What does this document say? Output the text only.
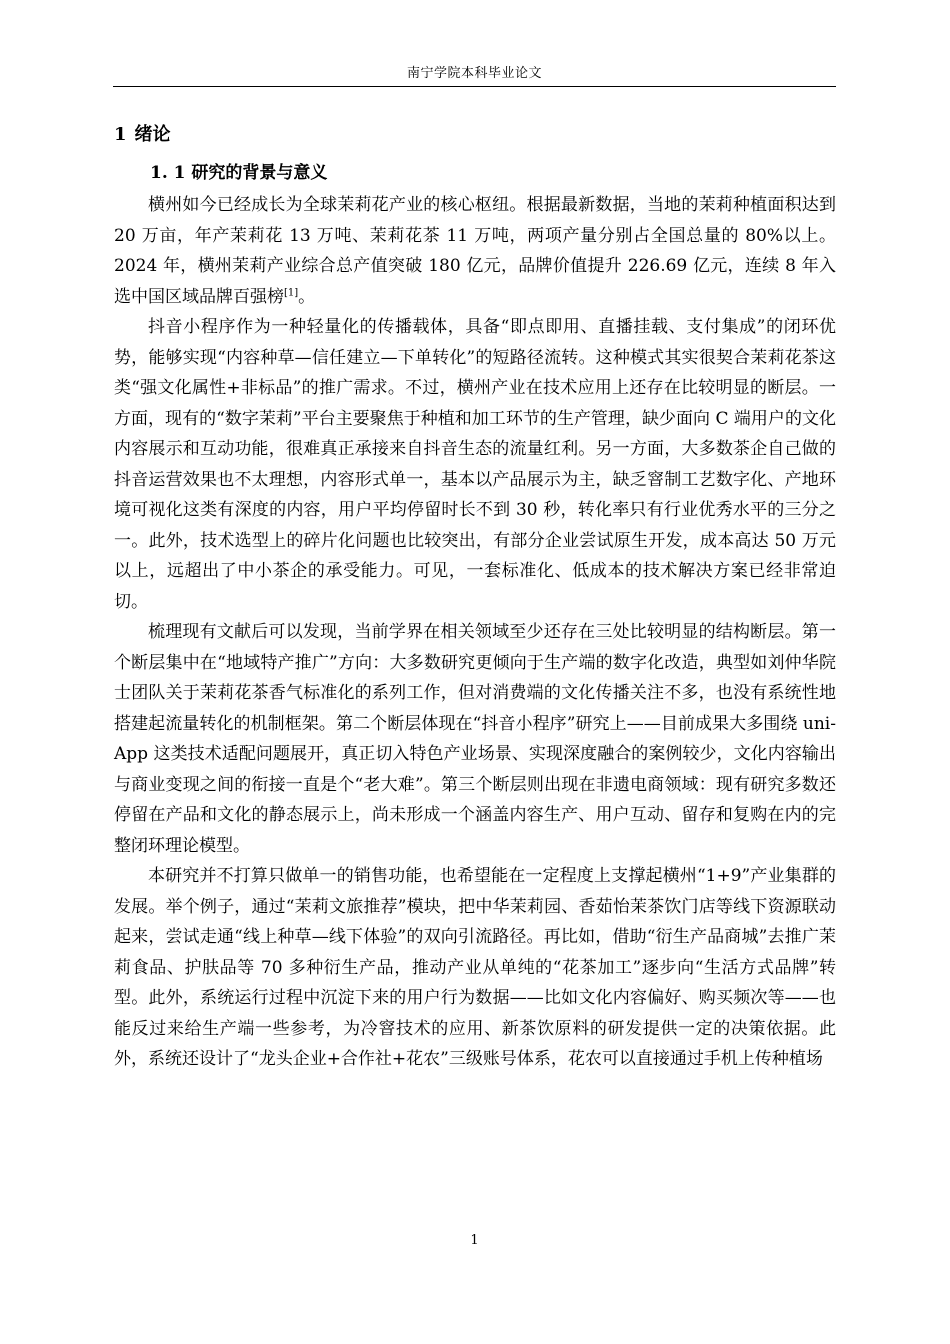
南宁学院本科毕业论文
1 绪论
1. 1 研究的背景与意义

横州如今已经成长为全球茉莉花产业的核心枢纽。根据最新数据，当地的茉莉种植面积达到 20 万亩，年产茉莉花 13 万吨、茉莉花茶 11 万吨，两项产量分别占全国总量的 80%以上。2024 年，横州茉莉产业综合总产值突破 180 亿元，品牌价值提升 226.69 亿元，连续 8 年入选中国区域品牌百强榜[1]。

抖音小程序作为一种轻量化的传播载体，具备“即点即用、直播挂载、支付集成”的闭环优势，能够实现“内容种草—信任建立—下单转化”的短路径流转。这种模式其实很契合茉莉花茶这类“强文化属性+非标品”的推广需求。不过，横州产业在技术应用上还存在比较明显的断层。一方面，现有的“数字茉莉”平台主要聚焦于种植和加工环节的生产管理，缺少面向 C 端用户的文化内容展示和互动功能，很难真正承接来自抖音生态的流量红利。另一方面，大多数茶企自己做的抖音运营效果也不太理想，内容形式单一，基本以产品展示为主，缺乏窨制工艺数字化、产地环境可视化这类有深度的内容，用户平均停留时长不到 30 秒，转化率只有行业优秀水平的三分之一。此外，技术选型上的碎片化问题也比较突出，有部分企业尝试原生开发，成本高达 50 万元以上，远超出了中小茶企的承受能力。可见，一套标准化、低成本的技术解决方案已经非常迫切。

梳理现有文献后可以发现，当前学界在相关领域至少还存在三处比较明显的结构断层。第一个断层集中在“地域特产推广”方向：大多数研究更倾向于生产端的数字化改造，典型如刘仲华院士团队关于茉莉花茶香气标准化的系列工作，但对消费端的文化传播关注不多，也没有系统性地搭建起流量转化的机制框架。第二个断层体现在“抖音小程序”研究上——目前成果大多围绕 uni-App 这类技术适配问题展开，真正切入特色产业场景、实现深度融合的案例较少，文化内容输出与商业变现之间的衔接一直是个“老大难”。第三个断层则出现在非遗电商领域：现有研究多数还停留在产品和文化的静态展示上，尚未形成一个涵盖内容生产、用户互动、留存和复购在内的完整闭环理论模型。

本研究并不打算只做单一的销售功能，也希望能在一定程度上支撑起横州“1+9”产业集群的发展。举个例子，通过“茉莉文旅推荐”模块，把中华茉莉园、香茹怡茉茶饮门店等线下资源联动起来，尝试走通“线上种草—线下体验”的双向引流路径。再比如，借助“衍生产品商城”去推广茉莉食品、护肤品等 70 多种衍生产品，推动产业从单纯的“花茶加工”逐步向“生活方式品牌”转型。此外，系统运行过程中沉淀下来的用户行为数据——比如文化内容偏好、购买频次等——也能反过来给生产端一些参考，为冷窨技术的应用、新茶饮原料的研发提供一定的决策依据。此外，系统还设计了“龙头企业+合作社+花农”三级账号体系，花农可以直接通过手机上传种植场

1
